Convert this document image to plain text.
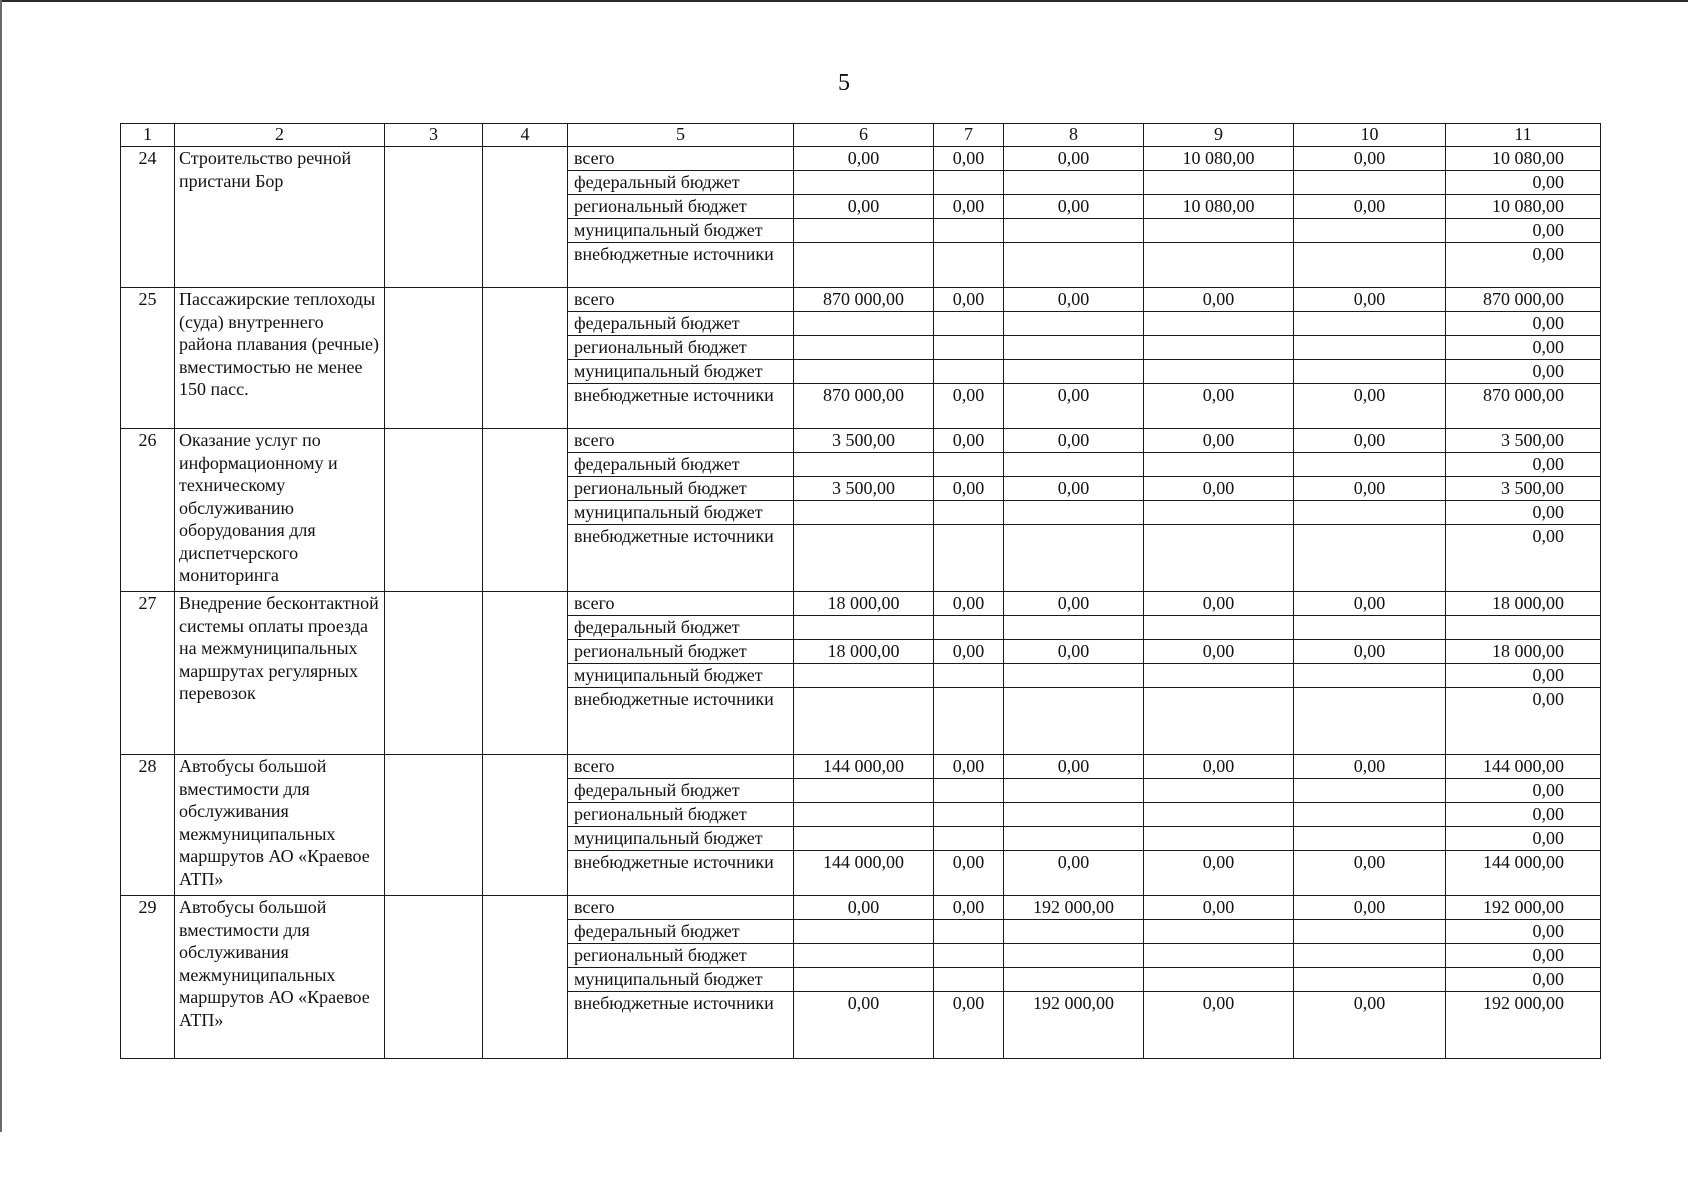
5
1	2	3	4	5	6	7	8	9	10	11
24	Строительство речной пристани Бор			всего	0,00	0,00	0,00	10 080,00	0,00	10 080,00
				федеральный бюджет						0,00
				региональный бюджет	0,00	0,00	0,00	10 080,00	0,00	10 080,00
				муниципальный бюджет						0,00
				внебюджетные источники						0,00
25	Пассажирские теплоходы (суда) внутреннего района плавания (речные) вместимостью не менее 150 пасс.			всего	870 000,00	0,00	0,00	0,00	0,00	870 000,00
				федеральный бюджет						0,00
				региональный бюджет						0,00
				муниципальный бюджет						0,00
				внебюджетные источники	870 000,00	0,00	0,00	0,00	0,00	870 000,00
26	Оказание услуг по информационному и техническому обслуживанию оборудования для диспетчерского мониторинга			всего	3 500,00	0,00	0,00	0,00	0,00	3 500,00
				федеральный бюджет						0,00
				региональный бюджет	3 500,00	0,00	0,00	0,00	0,00	3 500,00
				муниципальный бюджет						0,00
				внебюджетные источники						0,00
27	Внедрение бесконтактной системы оплаты проезда на межмуниципальных маршрутах регулярных перевозок			всего	18 000,00	0,00	0,00	0,00	0,00	18 000,00
				федеральный бюджет						
				региональный бюджет	18 000,00	0,00	0,00	0,00	0,00	18 000,00
				муниципальный бюджет						0,00
				внебюджетные источники						0,00
28	Автобусы большой вместимости для обслуживания межмуниципальных маршрутов АО «Краевое АТП»			всего	144 000,00	0,00	0,00	0,00	0,00	144 000,00
				федеральный бюджет						0,00
				региональный бюджет						0,00
				муниципальный бюджет						0,00
				внебюджетные источники	144 000,00	0,00	0,00	0,00	0,00	144 000,00
29	Автобусы большой вместимости для обслуживания межмуниципальных маршрутов АО «Краевое АТП»			всего	0,00	0,00	192 000,00	0,00	0,00	192 000,00
				федеральный бюджет						0,00
				региональный бюджет						0,00
				муниципальный бюджет						0,00
				внебюджетные источники	0,00	0,00	192 000,00	0,00	0,00	192 000,00
